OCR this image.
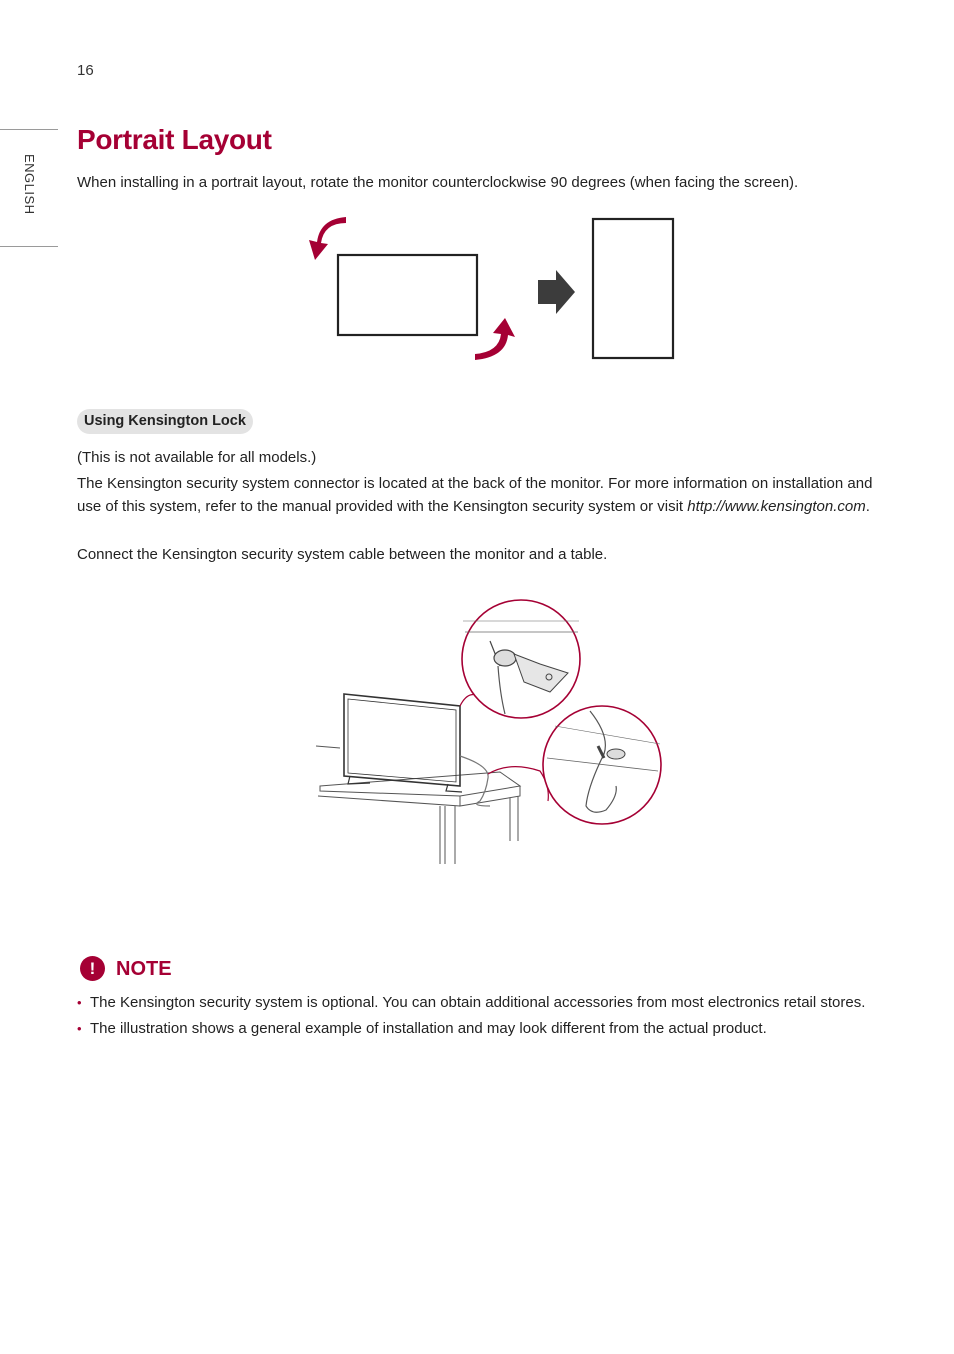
16
ENGLISH
Portrait Layout
When installing in a portrait layout, rotate the monitor counterclockwise 90 degrees (when facing the screen).
Using Kensington Lock
(This is not available for all models.)
The Kensington security system connector is located at the back of the monitor. For more information on installation and use of this system, refer to the manual provided with the Kensington security system or visit http://www.kensington.com.
Connect the Kensington security system cable between the monitor and a table.
!	NOTE
• The Kensington security system is optional. You can obtain additional accessories from most electronics retail stores.
• The illustration shows a general example of installation and may look different from the actual product.
